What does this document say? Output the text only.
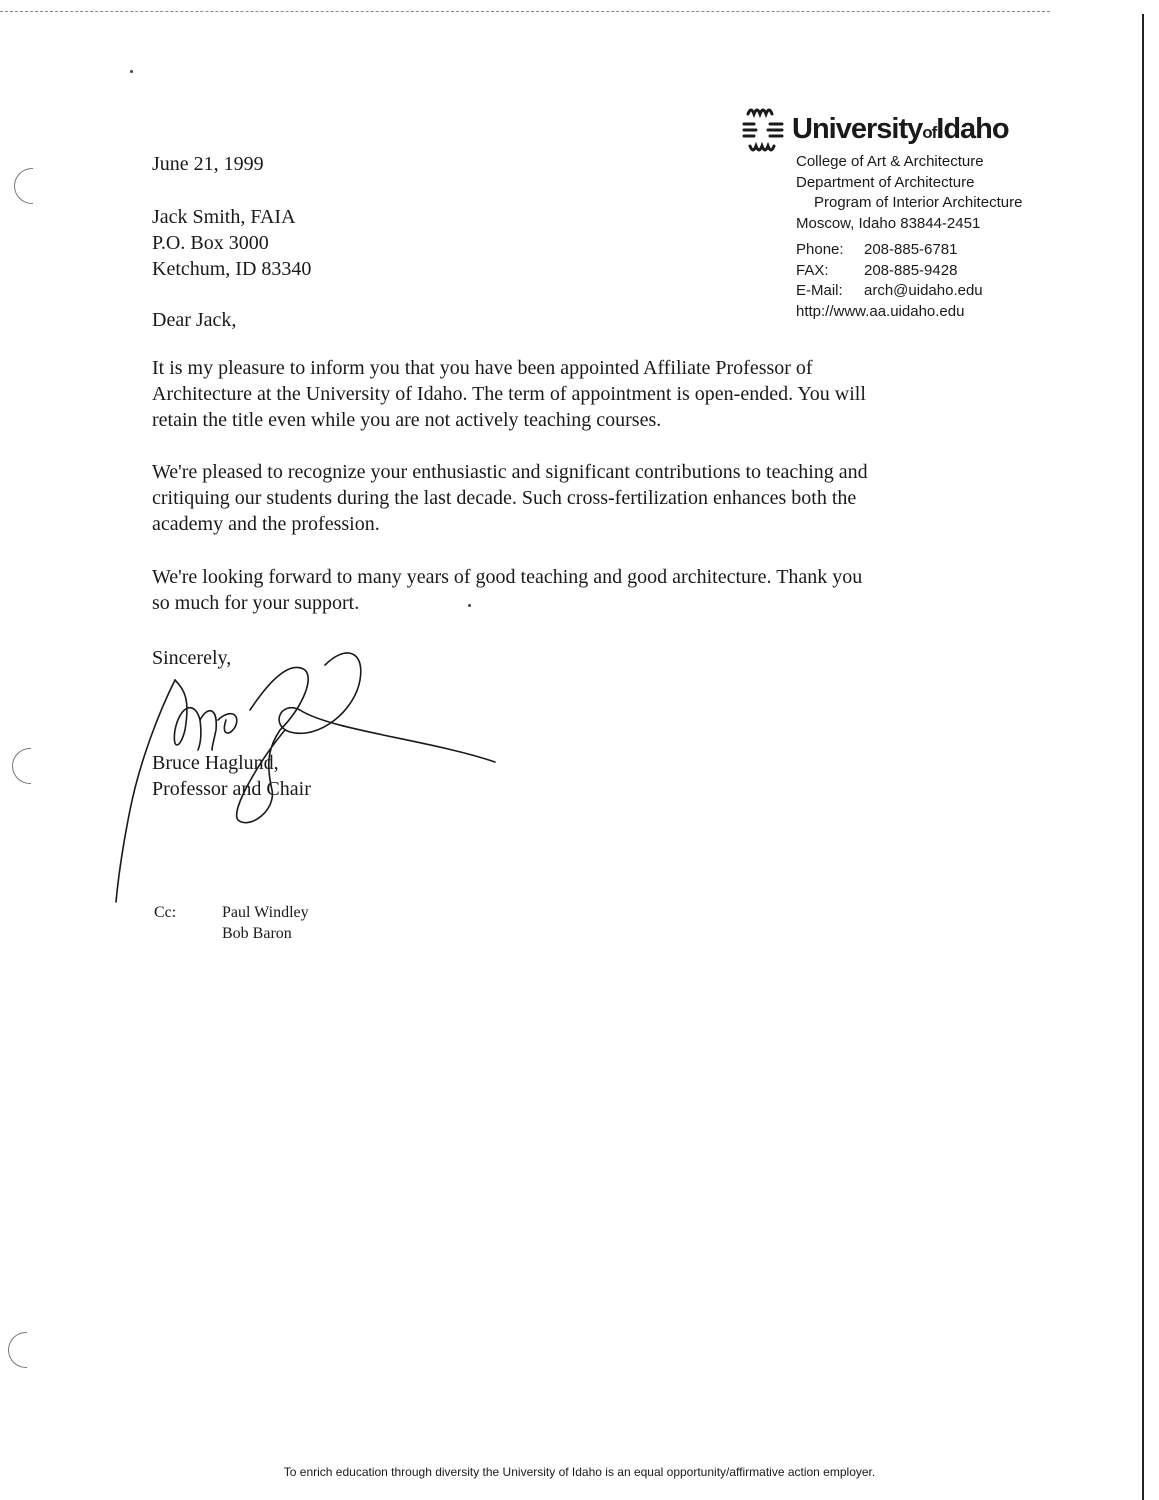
UniversityofIdaho
College of Art & Architecture
Department of Architecture
Program of Interior Architecture
Moscow, Idaho 83844-2451
Phone:	208-885-6781
FAX:	208-885-9428
E-Mail:	arch@uidaho.edu
http://www.aa.uidaho.edu	
June 21, 1999
Jack Smith, FAIA
P.O. Box 3000
Ketchum, ID 83340
Dear Jack,
It is my pleasure to inform you that you have been appointed Affiliate Professor of
Architecture at the University of Idaho. The term of appointment is open-ended. You will
retain the title even while you are not actively teaching courses.
We're pleased to recognize your enthusiastic and significant contributions to teaching and
critiquing our students during the last decade. Such cross-fertilization enhances both the
academy and the profession.
We're looking forward to many years of good teaching and good architecture. Thank you
so much for your support.
Sincerely,
Bruce Haglund,
Professor and Chair
Cc:	Paul Windley
Bob Baron
To enrich education through diversity the University of Idaho is an equal opportunity/affirmative action employer.
